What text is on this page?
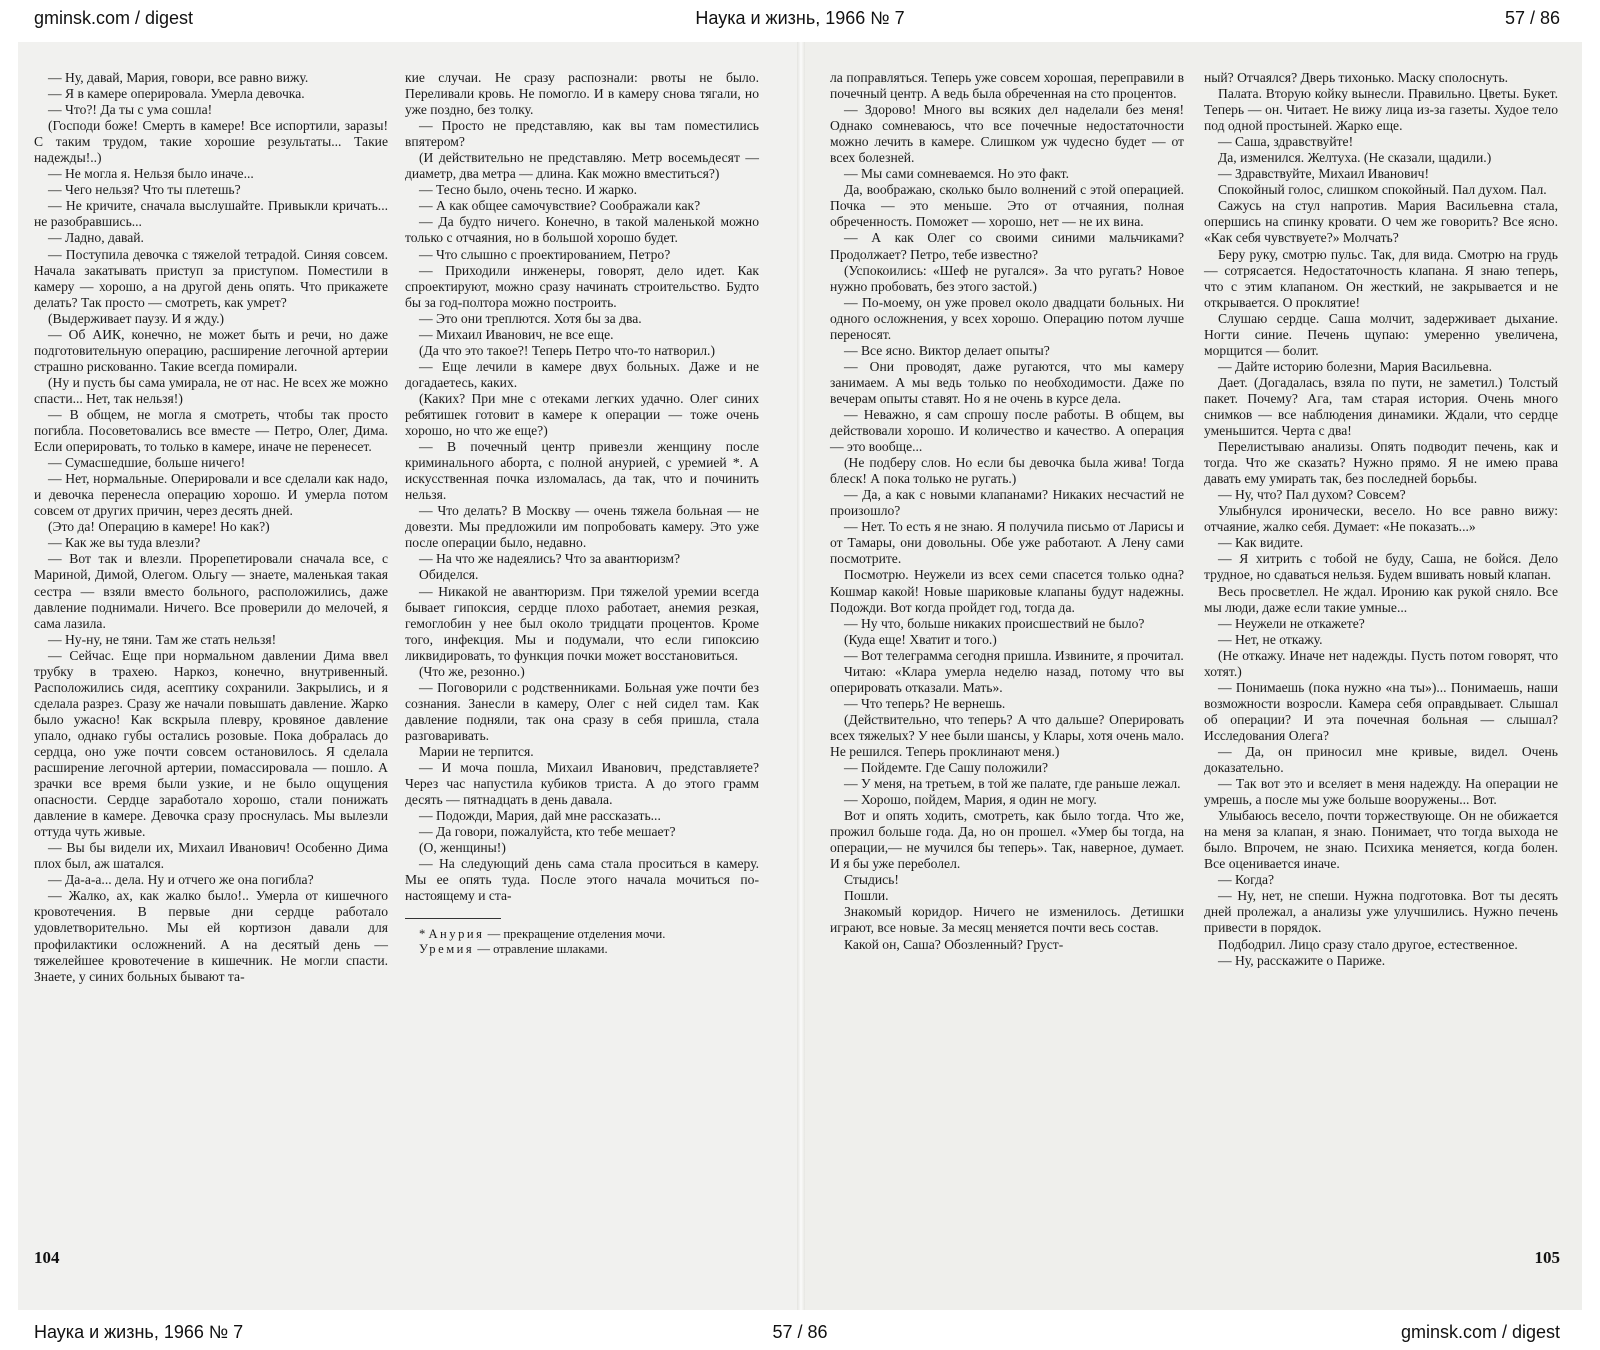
gminsk.com / digest	Наука и жизнь, 1966 № 7	57 / 86

— Ну, давай, Мария, говори, все равно вижу.

— Я в камере оперировала. Умерла девочка.

— Что?! Да ты с ума сошла!

(Господи боже! Смерть в камере! Все испортили, заразы! С таким трудом, такие хорошие результаты... Такие надежды!..)

— Не могла я. Нельзя было иначе...

— Чего нельзя? Что ты плетешь?

— Не кричите, сначала выслушайте. Привыкли кричать... не разобравшись...

— Ладно, давай.

— Поступила девочка с тяжелой тетрадой. Синяя совсем. Начала закатывать приступ за приступом. Поместили в камеру — хорошо, а на другой день опять. Что прикажете делать? Так просто — смотреть, как умрет?

(Выдерживает паузу. И я жду.)

— Об АИК, конечно, не может быть и речи, но даже подготовительную операцию, расширение легочной артерии страшно рискованно. Такие всегда помирали.

(Ну и пусть бы сама умирала, не от нас. Не всех же можно спасти... Нет, так нельзя!)

— В общем, не могла я смотреть, чтобы так просто погибла. Посоветовались все вместе — Петро, Олег, Дима. Если оперировать, то только в камере, иначе не перенесет.

— Сумасшедшие, больше ничего!

— Нет, нормальные. Оперировали и все сделали как надо, и девочка перенесла операцию хорошо. И умерла потом совсем от других причин, через десять дней.

(Это да! Операцию в камере! Но как?)

— Как же вы туда влезли?

— Вот так и влезли. Прорепетировали сначала все, с Мариной, Димой, Олегом. Ольгу — знаете, маленькая такая сестра — взяли вместо больного, расположились, даже давление поднимали. Ничего. Все проверили до мелочей, я сама лазила.

— Ну-ну, не тяни. Там же стать нельзя!

— Сейчас. Еще при нормальном давлении Дима ввел трубку в трахею. Наркоз, конечно, внутривенный. Расположились сидя, асептику сохранили. Закрылись, и я сделала разрез. Сразу же начали повышать давление. Жарко было ужасно! Как вскрыла плевру, кровяное давление упало, однако губы остались розовые. Пока добралась до сердца, оно уже почти совсем остановилось. Я сделала расширение легочной артерии, помассировала — пошло. А зрачки все время были узкие, и не было ощущения опасности. Сердце заработало хорошо, стали понижать давление в камере. Девочка сразу проснулась. Мы вылезли оттуда чуть живые.

— Вы бы видели их, Михаил Иванович! Особенно Дима плох был, аж шатался.

— Да-а-а... дела. Ну и отчего же она погибла?

— Жалко, ах, как жалко было!.. Умерла от кишечного кровотечения. В первые дни сердце работало удовлетворительно. Мы ей кортизон давали для профилактики осложнений. А на десятый день — тяжелейшее кровотечение в кишечник. Не могли спасти. Знаете, у синих больных бывают та-

кие случаи. Не сразу распознали: рвоты не было. Переливали кровь. Не помогло. И в камеру снова тягали, но уже поздно, без толку.

— Просто не представляю, как вы там поместились впятером?

(И действительно не представляю. Метр восемьдесят — диаметр, два метра — длина. Как можно вместиться?)

— Тесно было, очень тесно. И жарко.

— А как общее самочувствие? Соображали как?

— Да будто ничего. Конечно, в такой маленькой можно только с отчаяния, но в большой хорошо будет.

— Что слышно с проектированием, Петро?

— Приходили инженеры, говорят, дело идет. Как спроектируют, можно сразу начинать строительство. Будто бы за год-полтора можно построить.

— Это они треплются. Хотя бы за два.

— Михаил Иванович, не все еще.

(Да что это такое?! Теперь Петро что-то натворил.)

— Еще лечили в камере двух больных. Даже и не догадаетесь, каких.

(Каких? При мне с отеками легких удачно. Олег синих ребятишек готовит в камере к операции — тоже очень хорошо, но что же еще?)

— В почечный центр привезли женщину после криминального аборта, с полной анурией, с уремией *. А искусственная почка изломалась, да так, что и починить нельзя.

— Что делать? В Москву — очень тяжела больная — не довезти. Мы предложили им попробовать камеру. Это уже после операции было, недавно.

— На что же надеялись? Что за авантюризм?

Обиделся.

— Никакой не авантюризм. При тяжелой уремии всегда бывает гипоксия, сердце плохо работает, анемия резкая, гемоглобин у нее был около тридцати процентов. Кроме того, инфекция. Мы и подумали, что если гипоксию ликвидировать, то функция почки может восстановиться.

(Что же, резонно.)

— Поговорили с родственниками. Больная уже почти без сознания. Занесли в камеру, Олег с ней сидел там. Как давление подняли, так она сразу в себя пришла, стала разговаривать.

Марии не терпится.

— И моча пошла, Михаил Иванович, представляете? Через час напустила кубиков триста. А до этого грамм десять — пятнадцать в день давала.

— Подожди, Мария, дай мне рассказать...

— Да говори, пожалуйста, кто тебе мешает?

(О, женщины!)

— На следующий день сама стала проситься в камеру. Мы ее опять туда. После этого начала мочиться по-настоящему и ста-

* Анурия — прекращение отделения мочи.

Уремия — отравление шлаками.

104

ла поправляться. Теперь уже совсем хорошая, переправили в почечный центр. А ведь была обреченная на сто процентов.

— Здорово! Много вы всяких дел наделали без меня! Однако сомневаюсь, что все почечные недостаточности можно лечить в камере. Слишком уж чудесно будет — от всех болезней.

— Мы сами сомневаемся. Но это факт.

Да, воображаю, сколько было волнений с этой операцией. Почка — это меньше. Это от отчаяния, полная обреченность. Поможет — хорошо, нет — не их вина.

— А как Олег со своими синими мальчиками? Продолжает? Петро, тебе известно?

(Успокоились: «Шеф не ругался». За что ругать? Новое нужно пробовать, без этого застой.)

— По-моему, он уже провел около двадцати больных. Ни одного осложнения, у всех хорошо. Операцию потом лучше переносят.

— Все ясно. Виктор делает опыты?

— Они проводят, даже ругаются, что мы камеру занимаем. А мы ведь только по необходимости. Даже по вечерам опыты ставят. Но я не очень в курсе дела.

— Неважно, я сам спрошу после работы. В общем, вы действовали хорошо. И количество и качество. А операция — это вообще...

(Не подберу слов. Но если бы девочка была жива! Тогда блеск! А пока только не ругать.)

— Да, а как с новыми клапанами? Никаких несчастий не произошло?

— Нет. То есть я не знаю. Я получила письмо от Ларисы и от Тамары, они довольны. Обе уже работают. А Лену сами посмотрите.

Посмотрю. Неужели из всех семи спасется только одна? Кошмар какой! Новые шариковые клапаны будут надежны. Подожди. Вот когда пройдет год, тогда да.

— Ну что, больше никаких происшествий не было?

(Куда еще! Хватит и того.)

— Вот телеграмма сегодня пришла. Извините, я прочитал.

Читаю: «Клара умерла неделю назад, потому что вы оперировать отказали. Мать».

— Что теперь? Не вернешь.

(Действительно, что теперь? А что дальше? Оперировать всех тяжелых? У нее были шансы, у Клары, хотя очень мало. Не решился. Теперь проклинают меня.)

— Пойдемте. Где Сашу положили?

— У меня, на третьем, в той же палате, где раньше лежал.

— Хорошо, пойдем, Мария, я один не могу.

Вот и опять ходить, смотреть, как было тогда. Что же, прожил больше года. Да, но он прошел. «Умер бы тогда, на операции,— не мучился бы теперь». Так, наверное, думает. И я бы уже переболел.

Стыдись!

Пошли.

Знакомый коридор. Ничего не изменилось. Детишки играют, все новые. За месяц меняется почти весь состав.

Какой он, Саша? Обозленный? Груст-

ный? Отчаялся? Дверь тихонько. Маску сполоснуть.

Палата. Вторую койку вынесли. Правильно. Цветы. Букет. Теперь — он. Читает. Не вижу лица из-за газеты. Худое тело под одной простыней. Жарко еще.

— Саша, здравствуйте!

Да, изменился. Желтуха. (Не сказали, щадили.)

— Здравствуйте, Михаил Иванович!

Спокойный голос, слишком спокойный. Пал духом. Пал.

Сажусь на стул напротив. Мария Васильевна стала, опершись на спинку кровати. О чем же говорить? Все ясно. «Как себя чувствуете?» Молчать?

Беру руку, смотрю пульс. Так, для вида. Смотрю на грудь — сотрясается. Недостаточность клапана. Я знаю теперь, что с этим клапаном. Он жесткий, не закрывается и не открывается. О проклятие!

Слушаю сердце. Саша молчит, задерживает дыхание. Ногти синие. Печень щупаю: умеренно увеличена, морщится — болит.

— Дайте историю болезни, Мария Васильевна.

Дает. (Догадалась, взяла по пути, не заметил.) Толстый пакет. Почему? Ага, там старая история. Очень много снимков — все наблюдения динамики. Ждали, что сердце уменьшится. Черта с два!

Перелистываю анализы. Опять подводит печень, как и тогда. Что же сказать? Нужно прямо. Я не имею права давать ему умирать так, без последней борьбы.

— Ну, что? Пал духом? Совсем?

Улыбнулся иронически, весело. Но все равно вижу: отчаяние, жалко себя. Думает: «Не показать...»

— Как видите.

— Я хитрить с тобой не буду, Саша, не бойся. Дело трудное, но сдаваться нельзя. Будем вшивать новый клапан.

Весь просветлел. Не ждал. Иронию как рукой сняло. Все мы люди, даже если такие умные...

— Неужели не откажете?

— Нет, не откажу.

(Не откажу. Иначе нет надежды. Пусть потом говорят, что хотят.)

— Понимаешь (пока нужно «на ты»)... Понимаешь, наши возможности возросли. Камера себя оправдывает. Слышал об операции? И эта почечная больная — слышал? Исследования Олега?

— Да, он приносил мне кривые, видел. Очень доказательно.

— Так вот это и вселяет в меня надежду. На операции не умрешь, а после мы уже больше вооружены... Вот.

Улыбаюсь весело, почти торжествующе. Он не обижается на меня за клапан, я знаю. Понимает, что тогда выхода не было. Впрочем, не знаю. Психика меняется, когда болен. Все оценивается иначе.

— Когда?

— Ну, нет, не спеши. Нужна подготовка. Вот ты десять дней пролежал, а анализы уже улучшились. Нужно печень привести в порядок.

Подбодрил. Лицо сразу стало другое, естественное.

— Ну, расскажите о Париже.

105
Наука и жизнь, 1966 № 7	57 / 86	gminsk.com / digest
